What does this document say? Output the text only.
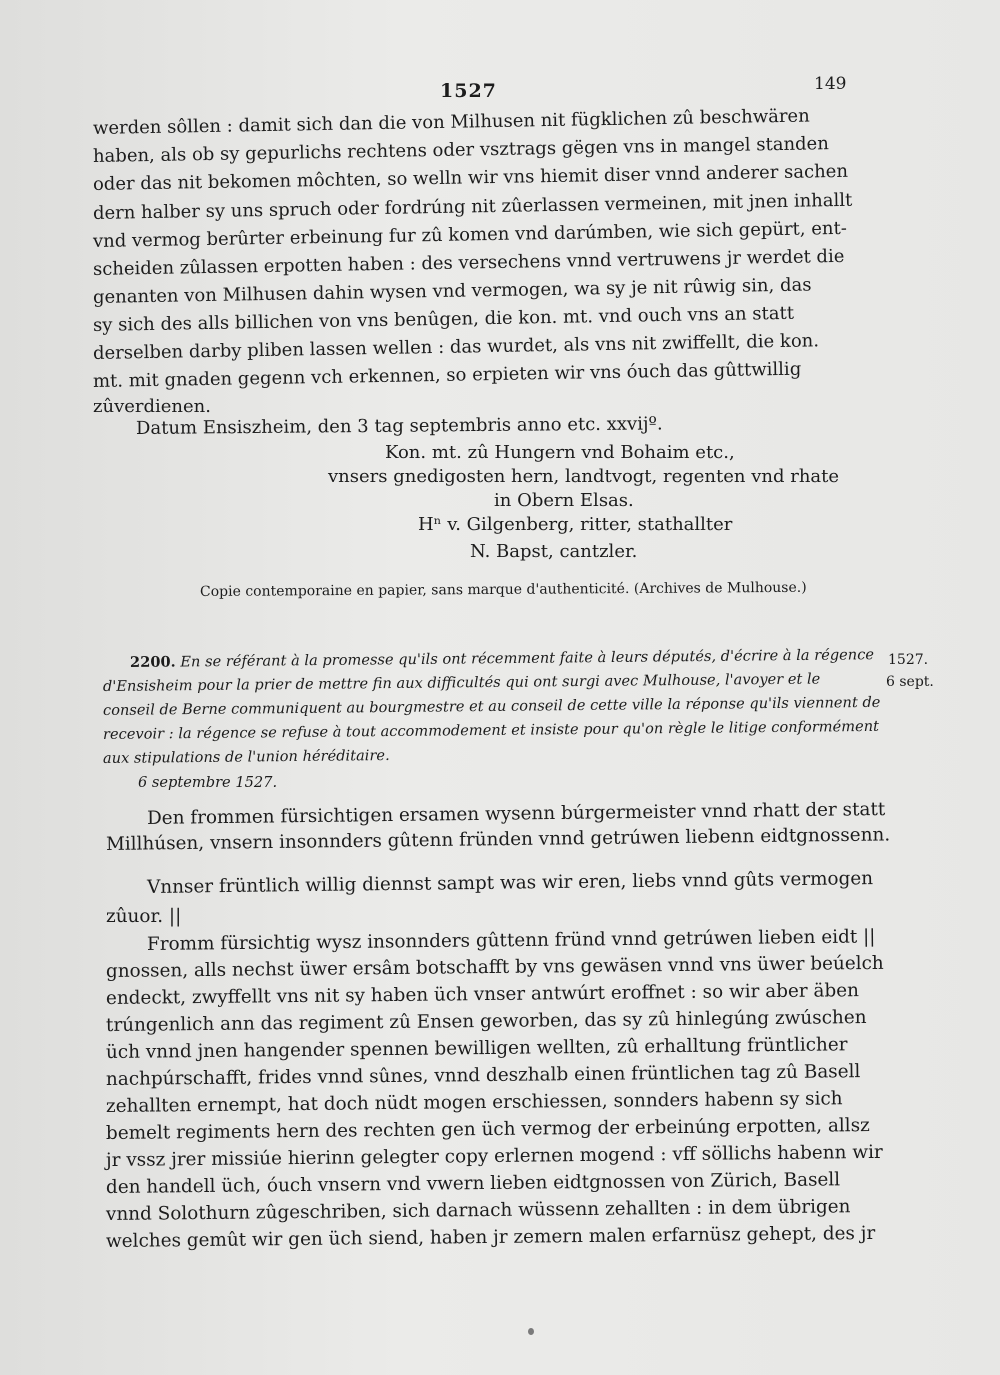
1527	149
werden sôllen : damit sich dan die von Milhusen nit fügklichen zû beschwären
haben, als ob sy gepurlichs rechtens oder vsztrags gëgen vns in mangel standen
oder das nit bekomen môchten, so welln wir vns hiemit diser vnnd anderer sachen
dern halber sy uns spruch oder fordrúng nit zûerlassen vermeinen, mit jnen inhallt
vnd vermog berûrter erbeinung fur zû komen vnd darúmben, wie sich gepürt, ent-
scheiden zûlassen erpotten haben : des versechens vnnd vertruwens jr werdet die
genanten von Milhusen dahin wysen vnd vermogen, wa sy je nit rûwig sin, das
sy sich des alls billichen von vns benûgen, die kon. mt. vnd ouch vns an statt
derselben darby pliben lassen wellen : das wurdet, als vns nit zwiffellt, die kon.
mt. mit gnaden gegenn vch erkennen, so erpieten wir vns óuch das gûttwillig
zûverdienen.
Datum Ensiszheim, den 3 tag septembris anno etc. xxvijº.
Kon. mt. zû Hungern vnd Bohaim etc.,
vnsers gnedigosten hern, landtvogt, regenten vnd rhate
in Obern Elsas.
Hⁿ v. Gilgenberg, ritter, stathallter
N. Bapst, cantzler.
Copie contemporaine en papier, sans marque d'authenticité. (Archives de Mulhouse.)
2200. En se référant à la promesse qu'ils ont récemment faite à leurs députés, d'écrire à la régence
d'Ensisheim pour la prier de mettre fin aux difficultés qui ont surgi avec Mulhouse, l'avoyer et le
conseil de Berne communiquent au bourgmestre et au conseil de cette ville la réponse qu'ils viennent de
recevoir : la régence se refuse à tout accommodement et insiste pour qu'on règle le litige conformément
aux stipulations de l'union héréditaire.
6 septembre 1527.
1527.
6 sept.
Den frommen fürsichtigen ersamen wysenn búrgermeister vnnd rhatt der statt
Millhúsen, vnsern insonnders gûtenn fründen vnnd getrúwen liebenn eidtgnossenn.
Vnnser früntlich willig diennst sampt was wir eren, liebs vnnd gûts vermogen
zûuor. ||
Fromm fürsichtig wysz insonnders gûttenn fründ vnnd getrúwen lieben eidt ||
gnossen, alls nechst üwer ersâm botschafft by vns gewäsen vnnd vns üwer beúelch
endeckt, zwyffellt vns nit sy haben üch vnser antwúrt eroffnet : so wir aber äben
trúngenlich ann das regiment zû Ensen geworben, das sy zû hinlegúng zwúschen
üch vnnd jnen hangender spennen bewilligen wellten, zû erhalltung früntlicher
nachpúrschafft, frides vnnd sûnes, vnnd deszhalb einen früntlichen tag zû Basell
zehallten ernempt, hat doch nüdt mogen erschiessen, sonnders habenn sy sich
bemelt regiments hern des rechten gen üch vermog der erbeinúng erpotten, allsz
jr vssz jrer missiúe hierinn gelegter copy erlernen mogend : vff söllichs habenn wir
den handell üch, óuch vnsern vnd vwern lieben eidtgnossen von Zürich, Basell
vnnd Solothurn zûgeschriben, sich darnach wüssenn zehallten : in dem übrigen
welches gemût wir gen üch siend, haben jr zemern malen erfarnüsz gehept, des jr
